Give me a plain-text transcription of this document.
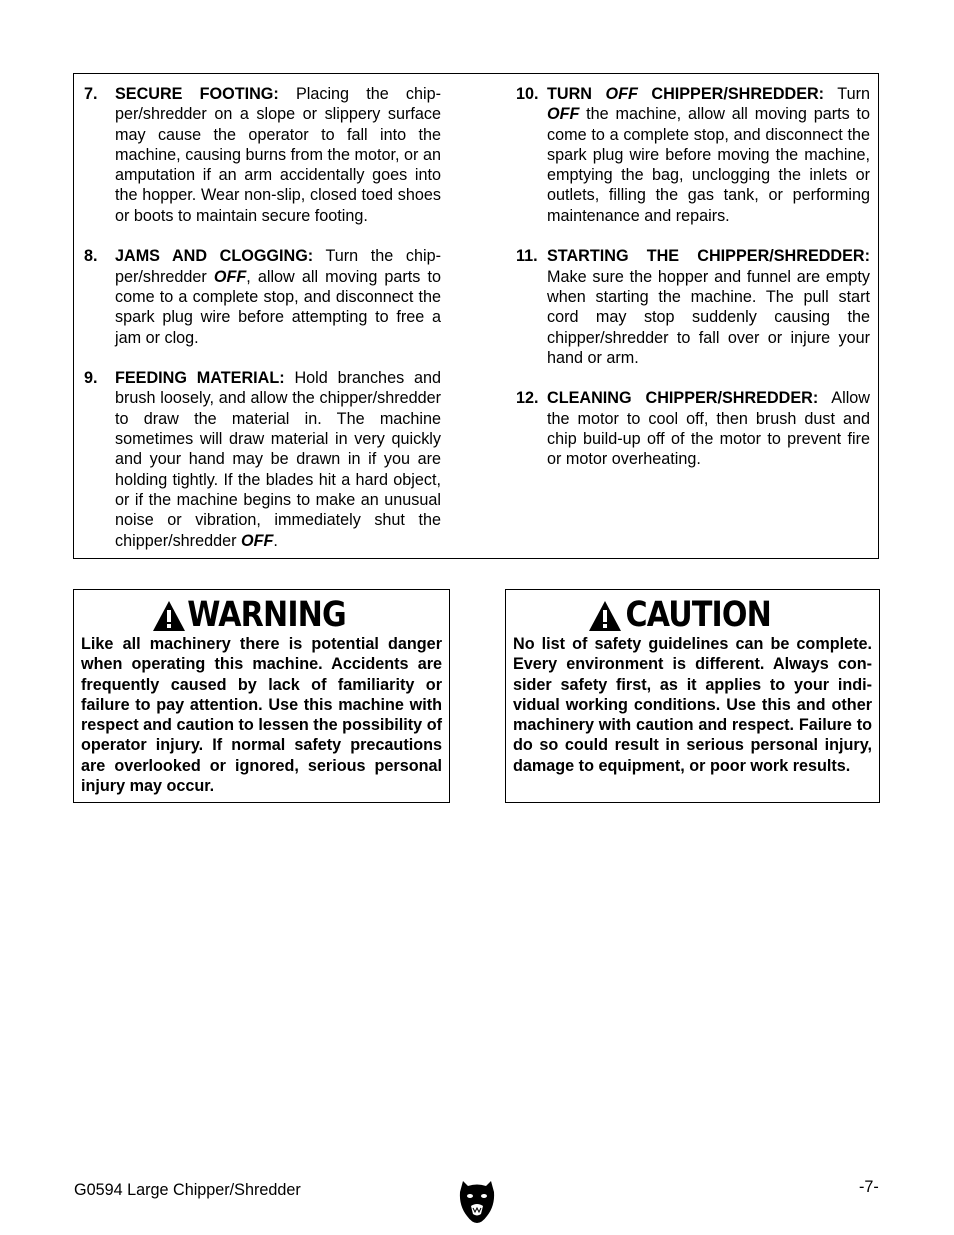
7.	SECURE FOOTING: Placing the chipper/shredder on a slope or slippery surface may cause the operator to fall into the machine, causing burns from the motor, or an amputation if an arm accidentally goes into the hopper. Wear non-slip, closed toed shoes or boots to maintain secure footing.
8.	JAMS AND CLOGGING: Turn the chipper/shredder OFF, allow all moving parts to come to a complete stop, and disconnect the spark plug wire before attempting to free a jam or clog.
9.	FEEDING MATERIAL: Hold branches and brush loosely, and allow the chipper/shredder to draw the material in. The machine sometimes will draw material in very quickly and your hand may be drawn in if you are holding tightly. If the blades hit a hard object, or if the machine begins to make an unusual noise or vibration, immediately shut the chipper/shredder OFF.
10. TURN OFF CHIPPER/SHREDDER: Turn OFF the machine, allow all moving parts to come to a complete stop, and disconnect the spark plug wire before moving the machine, emptying the bag, unclogging the inlets or outlets, filling the gas tank, or performing maintenance and repairs.
11. STARTING THE CHIPPER/SHREDDER: Make sure the hopper and funnel are empty when starting the machine. The pull start cord may stop suddenly causing the chipper/shredder to fall over or injure your hand or arm.
12. CLEANING CHIPPER/SHREDDER: Allow the motor to cool off, then brush dust and chip build-up off of the motor to prevent fire or motor overheating.
WARNING
Like all machinery there is potential danger when operating this machine. Accidents are frequently caused by lack of familiarity or failure to pay attention. Use this machine with respect and caution to lessen the possibility of operator injury. If normal safety precautions are overlooked or ignored, serious personal injury may occur.
CAUTION
No list of safety guidelines can be complete. Every environment is different. Always consider safety first, as it applies to your individual working conditions. Use this and other machinery with caution and respect. Failure to do so could result in serious personal injury, damage to equipment, or poor work results.
G0594 Large Chipper/Shredder	-7-
